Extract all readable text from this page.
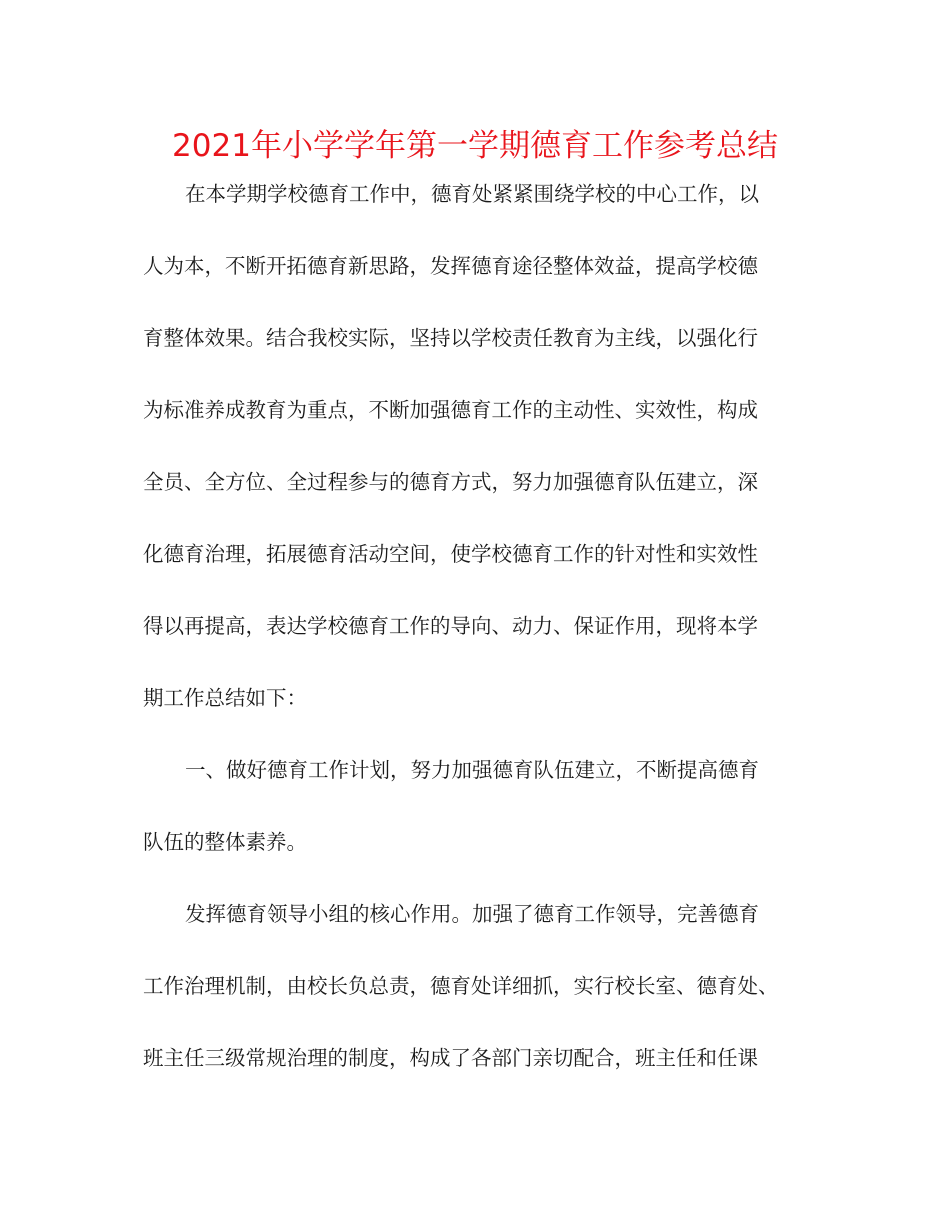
2021年小学学年第一学期德育工作参考总结
在本学期学校德育工作中，德育处紧紧围绕学校的中心工作，以
人为本，不断开拓德育新思路，发挥德育途径整体效益，提高学校德
育整体效果。结合我校实际，坚持以学校责任教育为主线，以强化行
为标准养成教育为重点，不断加强德育工作的主动性、实效性，构成
全员、全方位、全过程参与的德育方式，努力加强德育队伍建立，深
化德育治理，拓展德育活动空间，使学校德育工作的针对性和实效性
得以再提高，表达学校德育工作的导向、动力、保证作用，现将本学
期工作总结如下：
一、做好德育工作计划，努力加强德育队伍建立，不断提高德育
队伍的整体素养。
发挥德育领导小组的核心作用。加强了德育工作领导，完善德育
工作治理机制，由校长负总责，德育处详细抓，实行校长室、德育处、
班主任三级常规治理的制度，构成了各部门亲切配合，班主任和任课
